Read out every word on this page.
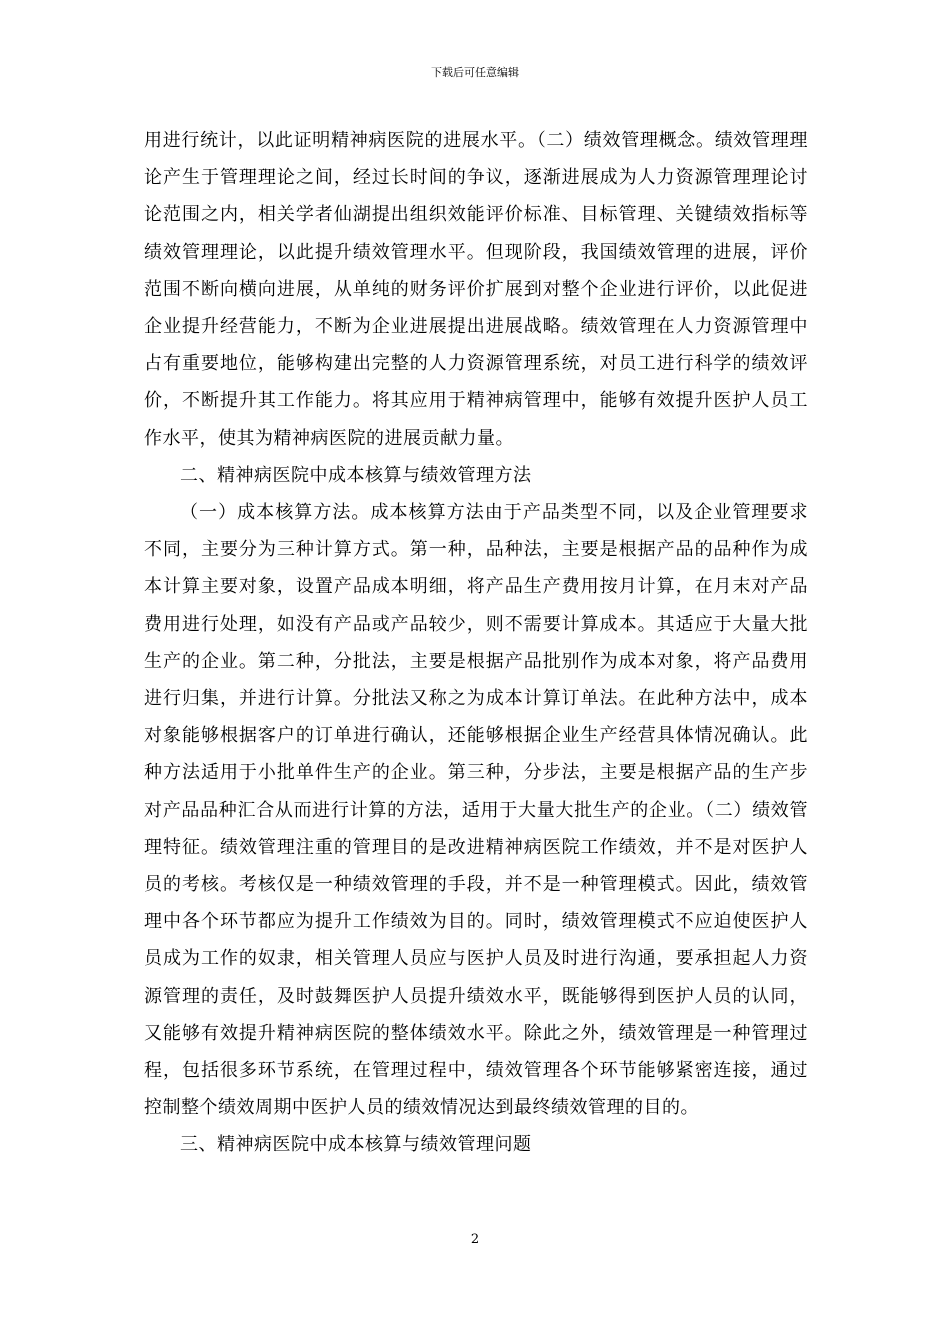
下载后可任意编辑

用进行统计，以此证明精神病医院的进展水平。（二）绩效管理概念。绩效管理理论产生于管理理论之间，经过长时间的争议，逐渐进展成为人力资源管理理论讨论范围之内，相关学者仙湖提出组织效能评价标准、目标管理、关键绩效指标等绩效管理理论，以此提升绩效管理水平。但现阶段，我国绩效管理的进展，评价范围不断向横向进展，从单纯的财务评价扩展到对整个企业进行评价，以此促进企业提升经营能力，不断为企业进展提出进展战略。绩效管理在人力资源管理中占有重要地位，能够构建出完整的人力资源管理系统，对员工进行科学的绩效评价，不断提升其工作能力。将其应用于精神病管理中，能够有效提升医护人员工作水平，使其为精神病医院的进展贡献力量。

二、精神病医院中成本核算与绩效管理方法

（一）成本核算方法。成本核算方法由于产品类型不同，以及企业管理要求不同，主要分为三种计算方式。第一种，品种法，主要是根据产品的品种作为成本计算主要对象，设置产品成本明细，将产品生产费用按月计算，在月末对产品费用进行处理，如没有产品或产品较少，则不需要计算成本。其适应于大量大批生产的企业。第二种，分批法，主要是根据产品批别作为成本对象，将产品费用进行归集，并进行计算。分批法又称之为成本计算订单法。在此种方法中，成本对象能够根据客户的订单进行确认，还能够根据企业生产经营具体情况确认。此种方法适用于小批单件生产的企业。第三种，分步法，主要是根据产品的生产步对产品品种汇合从而进行计算的方法，适用于大量大批生产的企业。（二）绩效管理特征。绩效管理注重的管理目的是改进精神病医院工作绩效，并不是对医护人员的考核。考核仅是一种绩效管理的手段，并不是一种管理模式。因此，绩效管理中各个环节都应为提升工作绩效为目的。同时，绩效管理模式不应迫使医护人员成为工作的奴隶，相关管理人员应与医护人员及时进行沟通，要承担起人力资源管理的责任，及时鼓舞医护人员提升绩效水平，既能够得到医护人员的认同，又能够有效提升精神病医院的整体绩效水平。除此之外，绩效管理是一种管理过程，包括很多环节系统，在管理过程中，绩效管理各个环节能够紧密连接，通过控制整个绩效周期中医护人员的绩效情况达到最终绩效管理的目的。

三、精神病医院中成本核算与绩效管理问题

2
